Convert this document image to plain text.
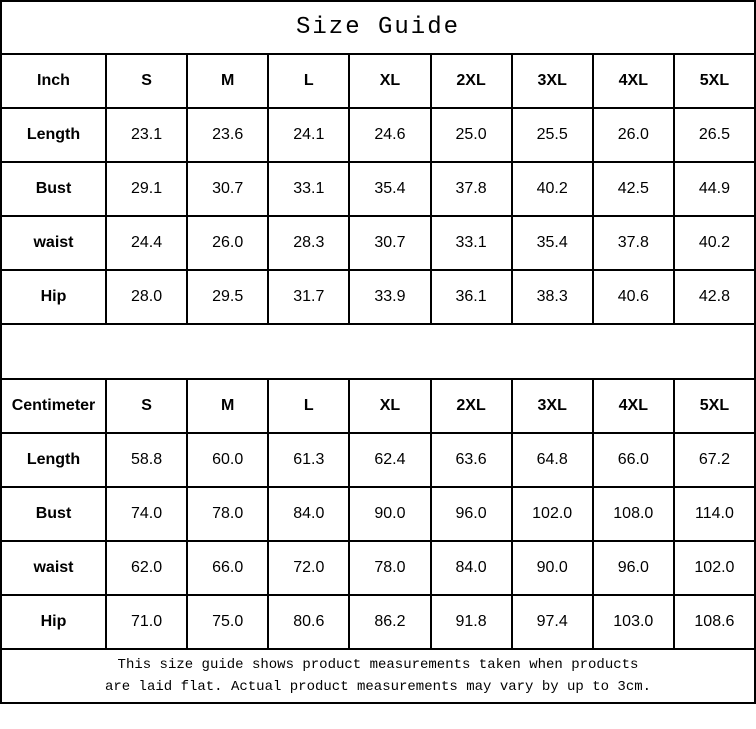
Size Guide								
Inch	S	M	L	XL	2XL	3XL	4XL	5XL
Length	23.1	23.6	24.1	24.6	25.0	25.5	26.0	26.5
Bust	29.1	30.7	33.1	35.4	37.8	40.2	42.5	44.9
waist	24.4	26.0	28.3	30.7	33.1	35.4	37.8	40.2
Hip	28.0	29.5	31.7	33.9	36.1	38.3	40.6	42.8

Centimeter	S	M	L	XL	2XL	3XL	4XL	5XL
Length	58.8	60.0	61.3	62.4	63.6	64.8	66.0	67.2
Bust	74.0	78.0	84.0	90.0	96.0	102.0	108.0	114.0
waist	62.0	66.0	72.0	78.0	84.0	90.0	96.0	102.0
Hip	71.0	75.0	80.6	86.2	91.8	97.4	103.0	108.6

This size guide shows product measurements taken when products
are laid flat. Actual product measurements may vary by up to 3cm.								
